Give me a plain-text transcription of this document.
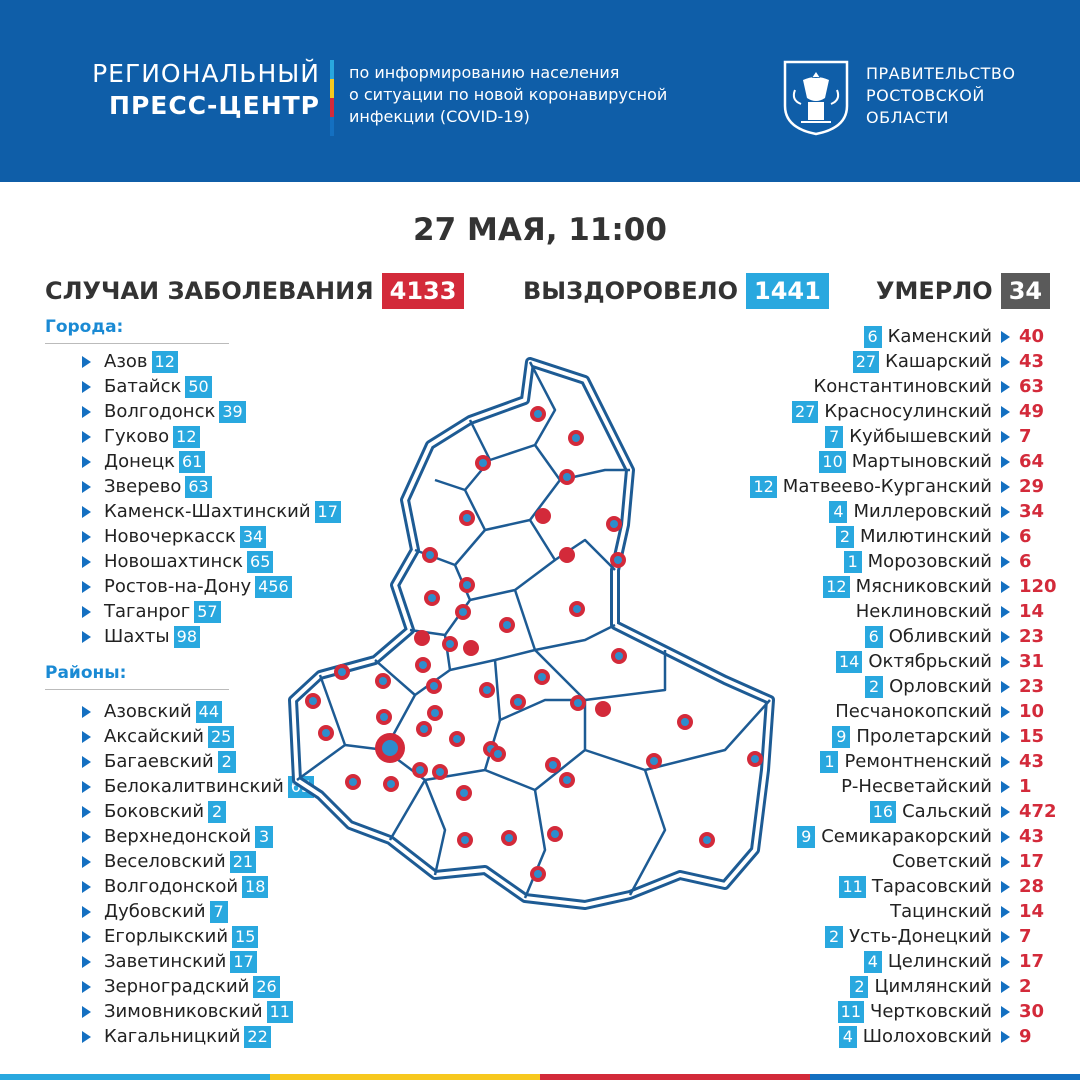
РЕГИОНАЛЬНЫЙ
ПРЕСС-ЦЕНТР
по информированию населения
о ситуации по новой коронавирусной
инфекции (COVID-19)
ПРАВИТЕЛЬСТВО
РОСТОВСКОЙ
ОБЛАСТИ
27 МАЯ, 11:00
СЛУЧАИ ЗАБОЛЕВАНИЯ 4133	ВЫЗДОРОВЕЛО 1441	УМЕРЛО 34
Города:
Азов 12
Батайск 50
Волгодонск 39
Гуково 12
Донецк 61
Зверево 63
Каменск-Шахтинский 17
Новочеркасск 34
Новошахтинск 65
Ростов-на-Дону 456
Таганрог 57
Шахты 98
Районы:
Азовский 44
Аксайский 25
Багаевский 2
Белокалитвинский 65
Боковский 2
Верхнедонской 3
Веселовский 21
Волгодонской 18
Дубовский 7
Егорлыкский 15
Заветинский 17
Зерноградский 26
Зимовниковский 11
Кагальницкий 22
6 Каменский 40
27 Кашарский 43
Константиновский 63
27 Красносулинский 49
7 Куйбышевский 7
10 Мартыновский 64
12 Матвеево-Курганский 29
4 Миллеровский 34
2 Милютинский 6
1 Морозовский 6
12 Мясниковский 120
Неклиновский 14
6 Обливский 23
14 Октябрьский 31
2 Орловский 23
Песчанокопский 10
9 Пролетарский 15
1 Ремонтненский 43
Р-Несветайский 1
16 Сальский 472
9 Семикаракорский 43
Советский 17
11 Тарасовский 28
Тацинский 14
2 Усть-Донецкий 7
4 Целинский 17
2 Цимлянский 2
11 Чертковский 30
4 Шолоховский 9
